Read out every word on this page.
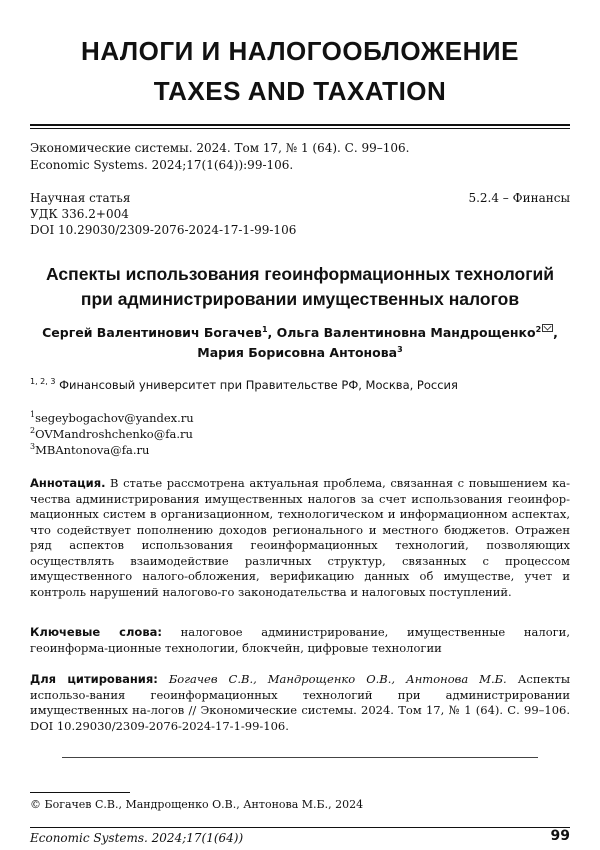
НАЛОГИ И НАЛОГООБЛОЖЕНИЕ
TAXES AND TAXATION
Экономические системы. 2024. Том 17, № 1 (64). С. 99–106.
Economic Systems. 2024;17(1(64)):99-106.
Научная статья	5.2.4 – Финансы
УДК 336.2+004
DOI 10.29030/2309-2076-2024-17-1-99-106
Аспекты использования геоинформационных технологий
при администрировании имущественных налогов
Сергей Валентинович Богачев$^1$, Ольга Валентиновна Мандрощенко$^2$ ,
Мария Борисовна Антонова$^3$
$^{1, 2, 3}$ Финансовый университет при Правительстве РФ, Москва, Россия
$^1$segeybogachov@yandex.ru
$^2$OVMandroshchenko@fa.ru
$^3$MBAntonova@fa.ru
Аннотация. В статье рассмотрена актуальная проблема, связанная с повышением ка-чества администрирования имущественных налогов за счет использования геоинфор-мационных систем в организационном, технологическом и информационном аспектах, что содействует пополнению доходов регионального и местного бюджетов. Отражен ряд аспектов использования геоинформационных технологий, позволяющих осуществлять взаимодействие различных структур, связанных с процессом имущественного налого-обложения, верификацию данных об имуществе, учет и контроль нарушений налогово-го законодательства и налоговых поступлений.
Ключевые слова: налоговое администрирование, имущественные налоги, геоинформа-ционные технологии, блокчейн, цифровые технологии
Для цитирования: Богачев С.В., Мандрощенко О.В., Антонова М.Б. Аспекты использо-вания геоинформационных технологий при администрировании имущественных на-логов // Экономические системы. 2024. Том 17, № 1 (64). С. 99–106. DOI 10.29030/2309-2076-2024-17-1-99-106.
© Богачев С.В., Мандрощенко О.В., Антонова М.Б., 2024
Economic Systems. 2024;17(1(64))	99
